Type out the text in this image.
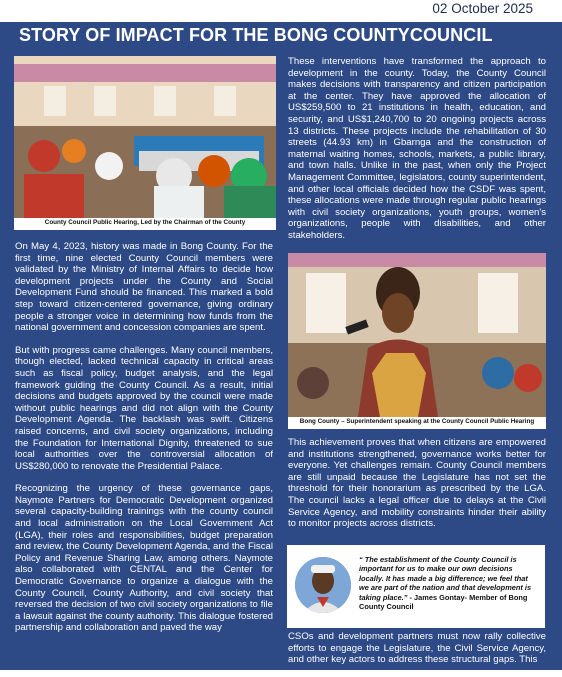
02 October 2025
STORY OF IMPACT FOR THE BONG COUNTYCOUNCIL
County Council Public Hearing, Led by the Chairman of the County

On May 4, 2023, history was made in Bong County. For the first time, nine elected County Council members were validated by the Ministry of Internal Affairs to decide how development projects under the County and Social Development Fund should be financed. This marked a bold step toward citizen-centered governance, giving ordinary people a stronger voice in determining how funds from the national government and concession companies are spent.

But with progress came challenges. Many council members, though elected, lacked technical capacity in critical areas such as fiscal policy, budget analysis, and the legal framework guiding the County Council. As a result, initial decisions and budgets approved by the council were made without public hearings and did not align with the County Development Agenda. The backlash was swift. Citizens raised concerns, and civil society organizations, including the Foundation for International Dignity, threatened to sue local authorities over the controversial allocation of US$280,000 to renovate the Presidential Palace.

Recognizing the urgency of these governance gaps, Naymote Partners for Democratic Development organized several capacity-building trainings with the county council and local administration on the Local Government Act (LGA), their roles and responsibilities, budget preparation and review, the County Development Agenda, and the Fiscal Policy and Revenue Sharing Law, among others. Naymote also collaborated with CENTAL and the Center for Democratic Governance to organize a dialogue with the County Council, County Authority, and civil society that reversed the decision of two civil society organizations to file a lawsuit against the county authority. This dialogue fostered partnership and collaboration and paved the way

These interventions have transformed the approach to development in the county. Today, the County Council makes decisions with transparency and citizen participation at the center. They have approved the allocation of US$259,500 to 21 institutions in health, education, and security, and US$1,240,700 to 20 ongoing projects across 13 districts. These projects include the rehabilitation of 30 streets (44.93 km) in Gbarnga and the construction of maternal waiting homes, schools, markets, a public library, and town halls. Unlike in the past, when only the Project Management Committee, legislators, county superintendent, and other local officials decided how the CSDF was spent, these allocations were made through regular public hearings with civil society organizations, youth groups, women's organizations, people with disabilities, and other stakeholders.

Bong County – Superintendent speaking at the County Council Public Hearing

This achievement proves that when citizens are empowered and institutions strengthened, governance works better for everyone. Yet challenges remain. County Council members are still unpaid because the Legislature has not set the threshold for their honorarium as prescribed by the LGA. The council lacks a legal officer due to delays at the Civil Service Agency, and mobility constraints hinder their ability to monitor projects across districts.

“ The establishment of the County Council is important for us to make our own decisions locally. It has made a big difference; we feel that we are part of the nation and that development is taking place.” - James Gontay- Member of Bong County Council

CSOs and development partners must now rally collective efforts to engage the Legislature, the Civil Service Agency, and other key actors to address these structural gaps. This
